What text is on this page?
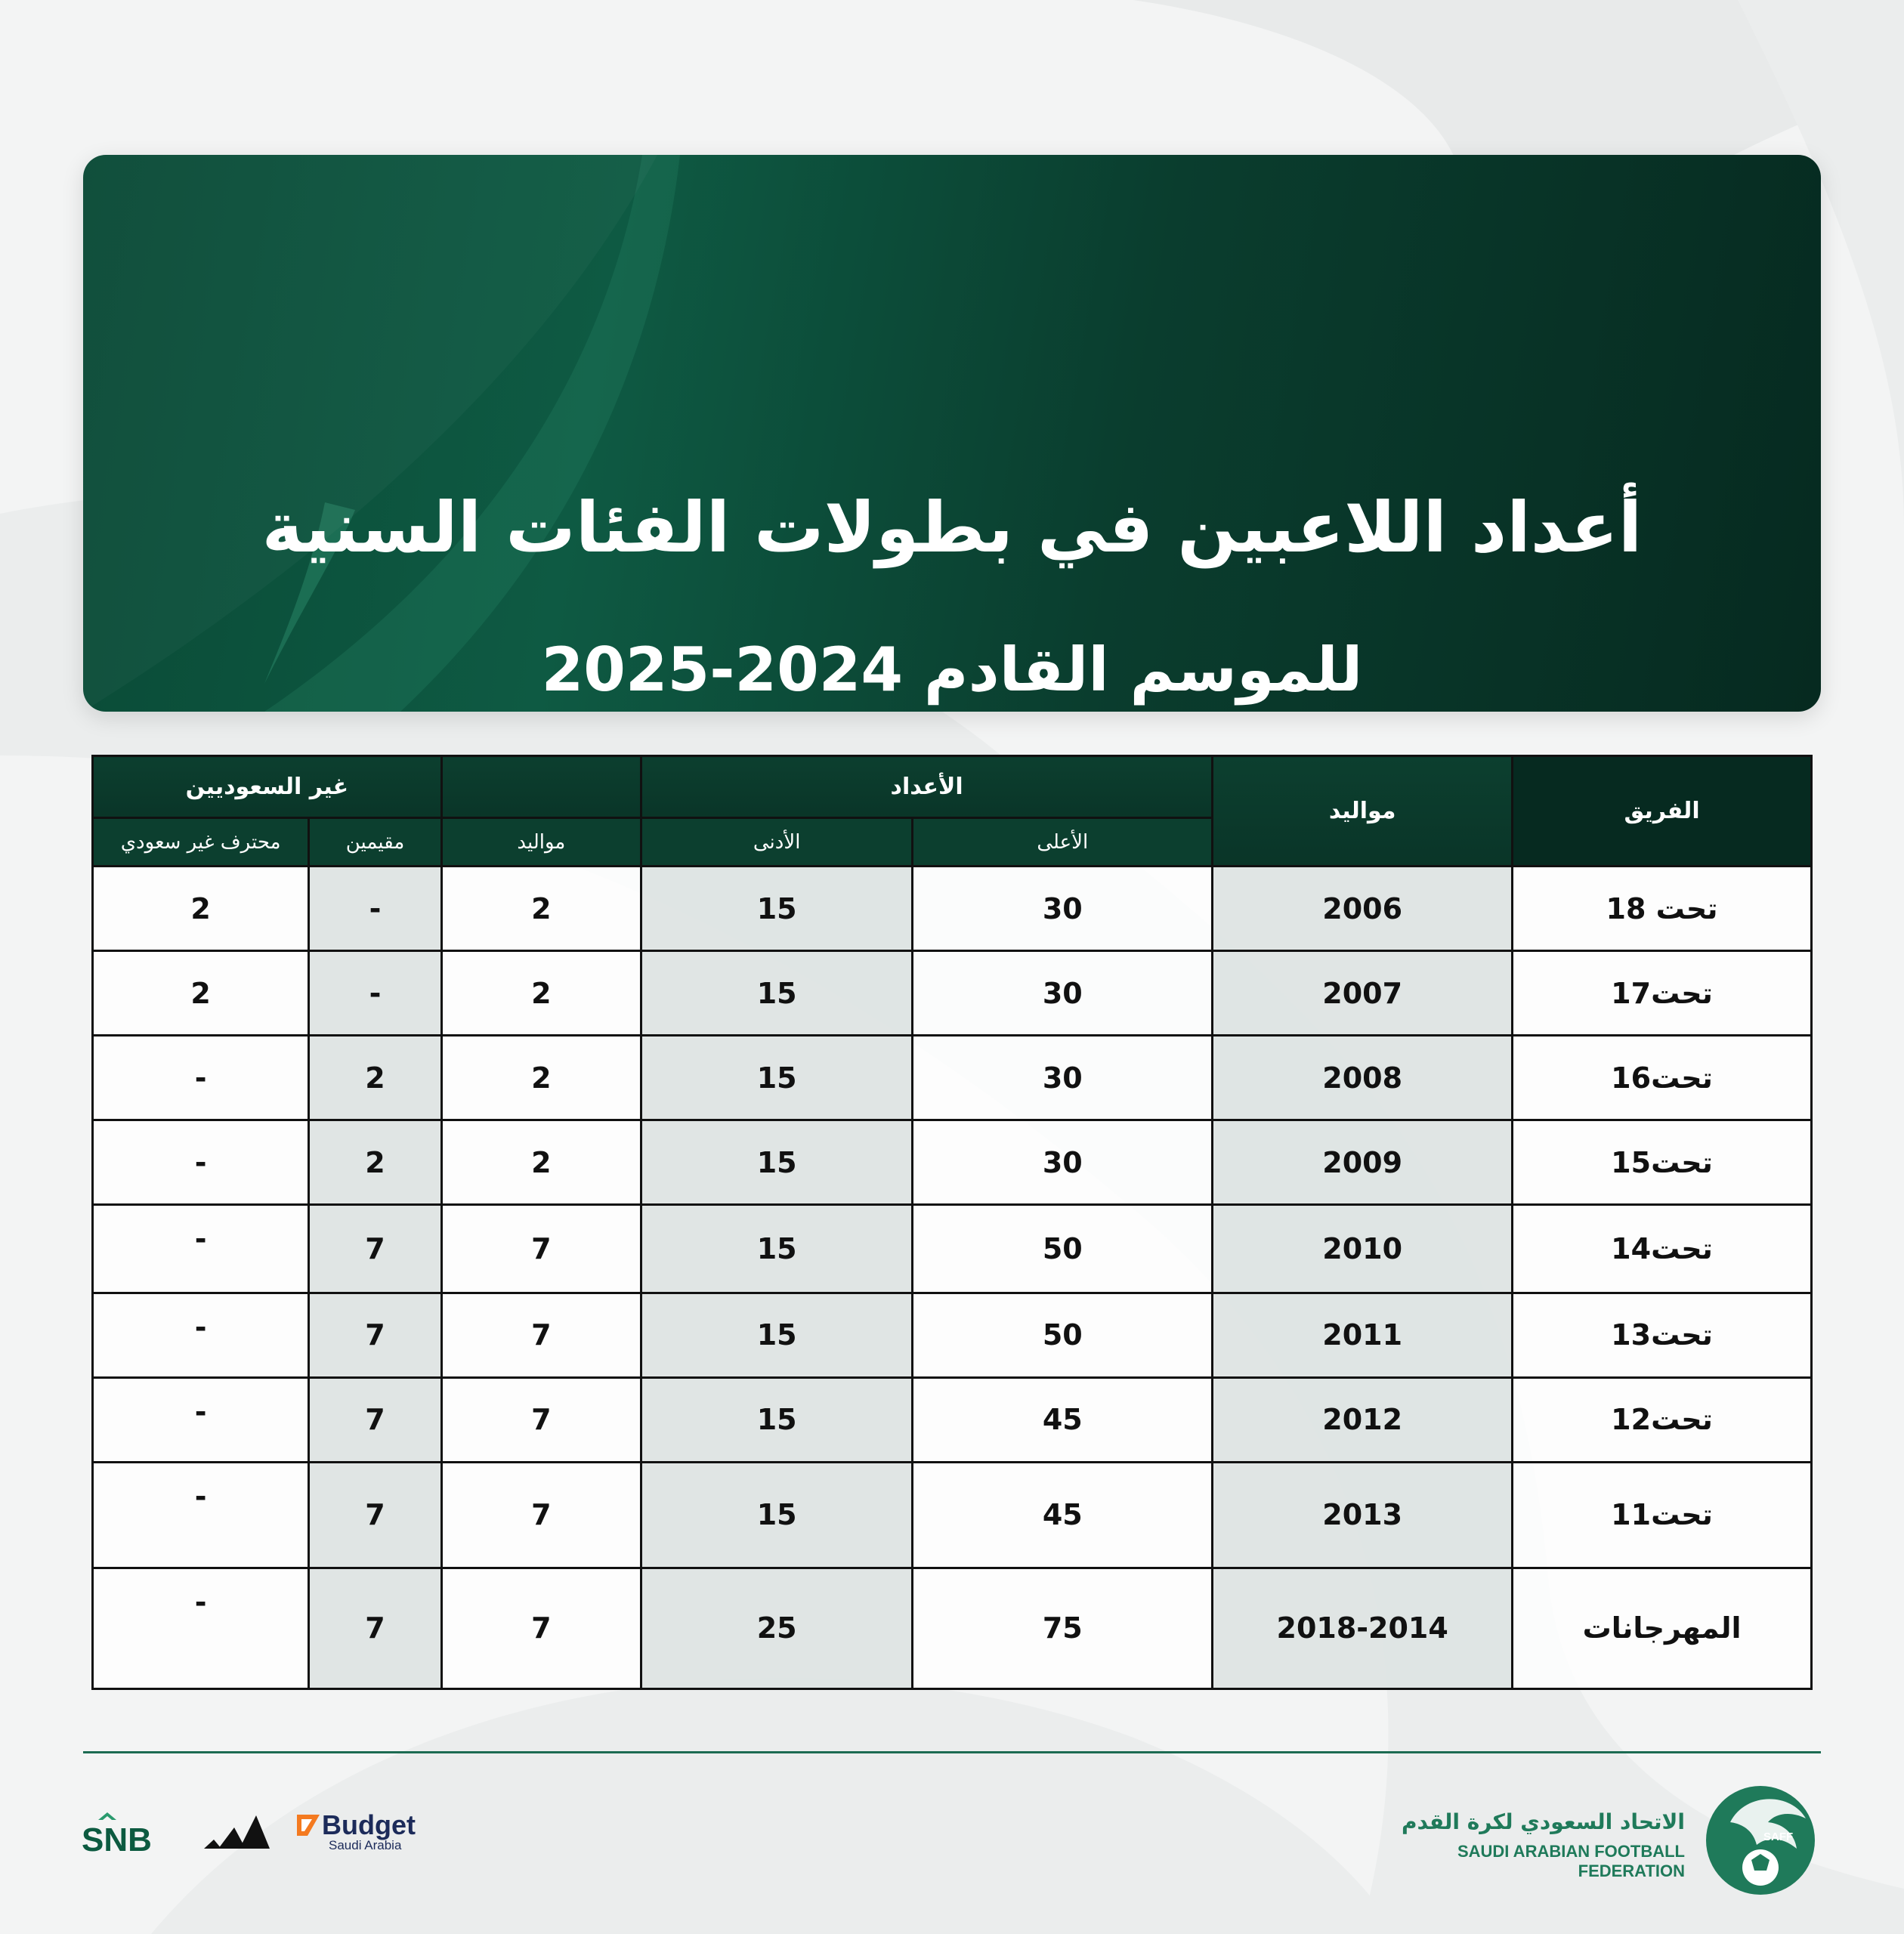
أعداد اللاعبين في بطولات الفئات السنية
للموسم القادم 2024-2025
الفريق	مواليد	الأعداد			غير السعوديين	
		الأعلى	الأدنى	مواليد	مقيمين	محترف غير سعودي
تحت 18	2006	30	15	2	-	2
تحت17	2007	30	15	2	-	2
تحت16	2008	30	15	2	2	-
تحت15	2009	30	15	2	2	-
تحت14	2010	50	15	7	7	-
تحت13	2011	50	15	7	7	-
تحت12	2012	45	15	7	7	-
تحت11	2013	45	15	7	7	-
المهرجانات	2018-2014	75	25	7	7	-
SAFF
الاتحاد السعودي لكرة القدم
SAUDI ARABIAN FOOTBALL FEDERATION
SNB	Budget
Saudi Arabia
